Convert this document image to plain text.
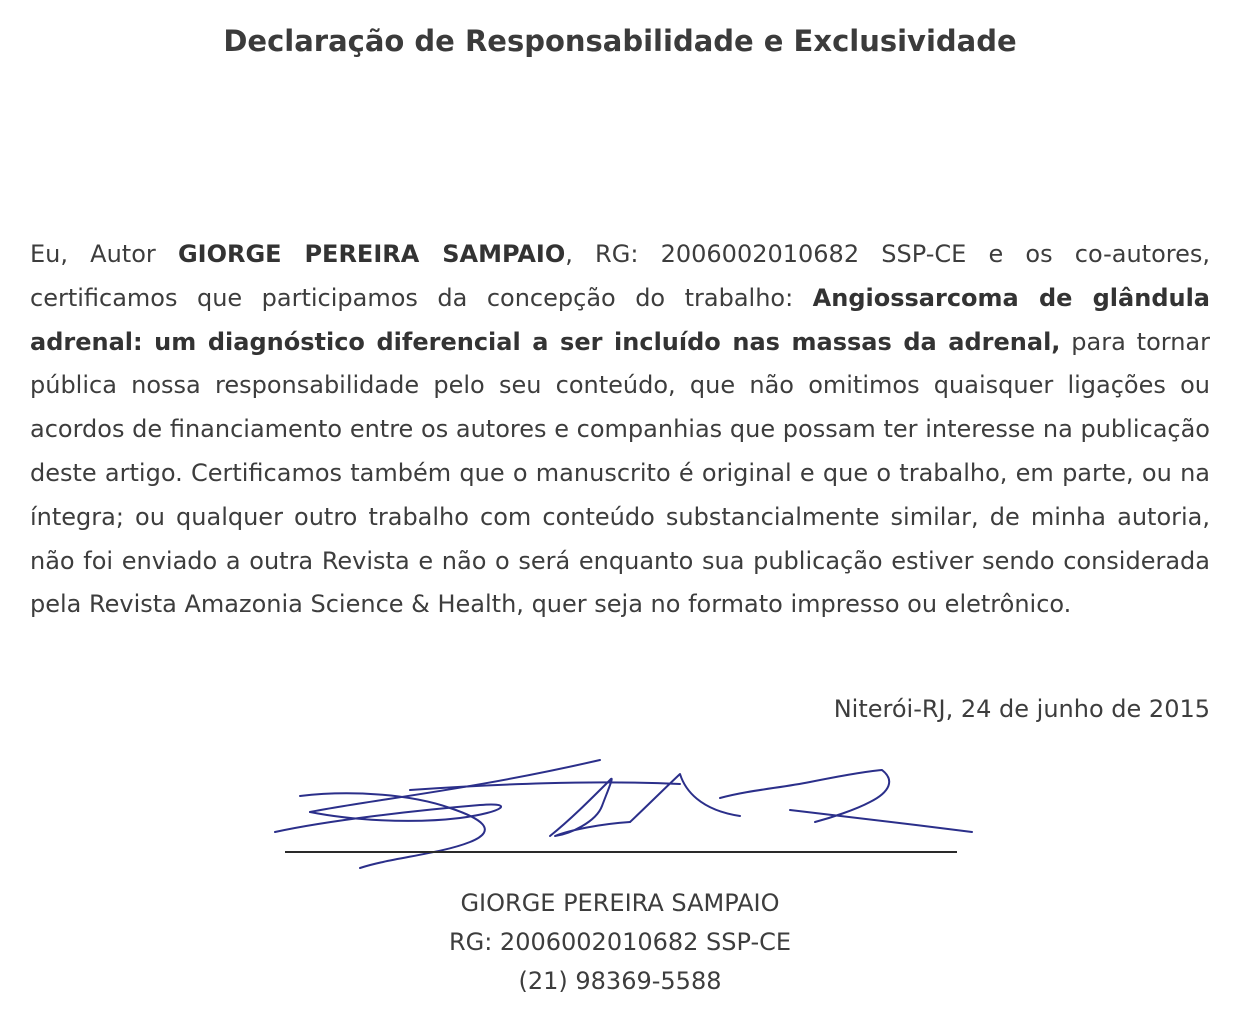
Declaração de Responsabilidade e Exclusividade
Eu, Autor GIORGE PEREIRA SAMPAIO, RG: 2006002010682 SSP-CE e os co-autores, certificamos que participamos da concepção do trabalho: Angiossarcoma de glândula adrenal: um diagnóstico diferencial a ser incluído nas massas da adrenal, para tornar pública nossa responsabilidade pelo seu conteúdo, que não omitimos quaisquer ligações ou acordos de financiamento entre os autores e companhias que possam ter interesse na publicação deste artigo. Certificamos também que o manuscrito é original e que o trabalho, em parte, ou na íntegra; ou qualquer outro trabalho com conteúdo substancialmente similar, de minha autoria, não foi enviado a outra Revista e não o será enquanto sua publicação estiver sendo considerada pela Revista Amazonia Science & Health, quer seja no formato impresso ou eletrônico.
Niterói-RJ, 24 de junho de 2015
GIORGE PEREIRA SAMPAIO
RG: 2006002010682 SSP-CE
(21) 98369-5588
